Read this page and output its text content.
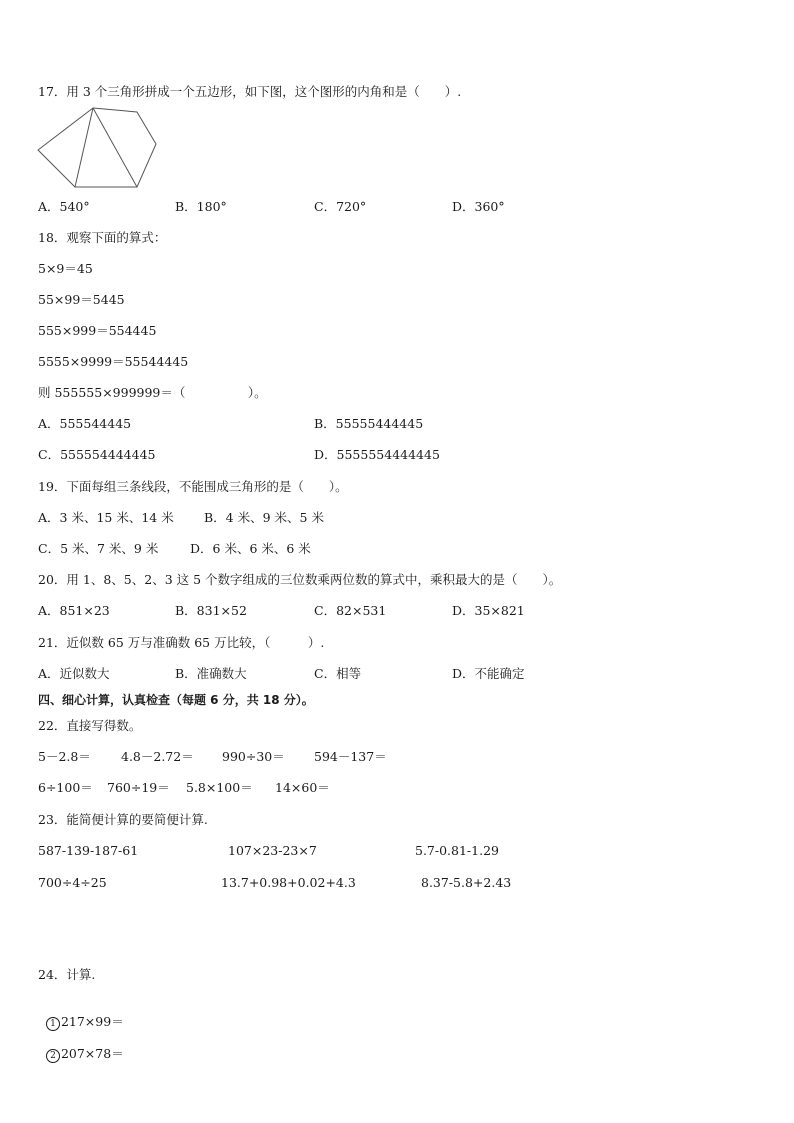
17．用 3 个三角形拼成一个五边形，如下图，这个图形的内角和是（　　）.
A．540°	B．180°	C．720°	D．360°
18．观察下面的算式：
5×9＝45
55×99＝5445
555×999＝554445
5555×9999＝55544445
则 555555×999999＝（　　　　　）。
A．555544445	B．55555444445
C．555554444445	D．5555554444445
19．下面每组三条线段，不能围成三角形的是（　　）。
A．3 米、15 米、14 米 B．4 米、9 米、5 米
C．5 米、7 米、9 米	D．6 米、6 米、6 米
20．用 1、8、5、2、3 这 5 个数字组成的三位数乘两位数的算式中，乘积最大的是（　　）。
A．851×23	B．831×52	C．82×531	D．35×821
21．近似数 65 万与准确数 65 万比较，（　　　）.
A．近似数大	B．准确数大	C．相等	D．不能确定
四、细心计算，认真检查（每题 6 分，共 18 分）。
22．直接写得数。
5－2.8＝ 4.8－2.72＝ 990÷30＝ 594－137＝
6÷100＝ 760÷19＝ 5.8×100＝ 14×60＝
23．能简便计算的要简便计算.
587-139-187-61	107×23-23×7	5.7-0.81-1.29
700÷4÷25	13.7+0.98+0.02+4.3	8.37-5.8+2.43
24．计算.

1 217×99＝

2 207×78＝
